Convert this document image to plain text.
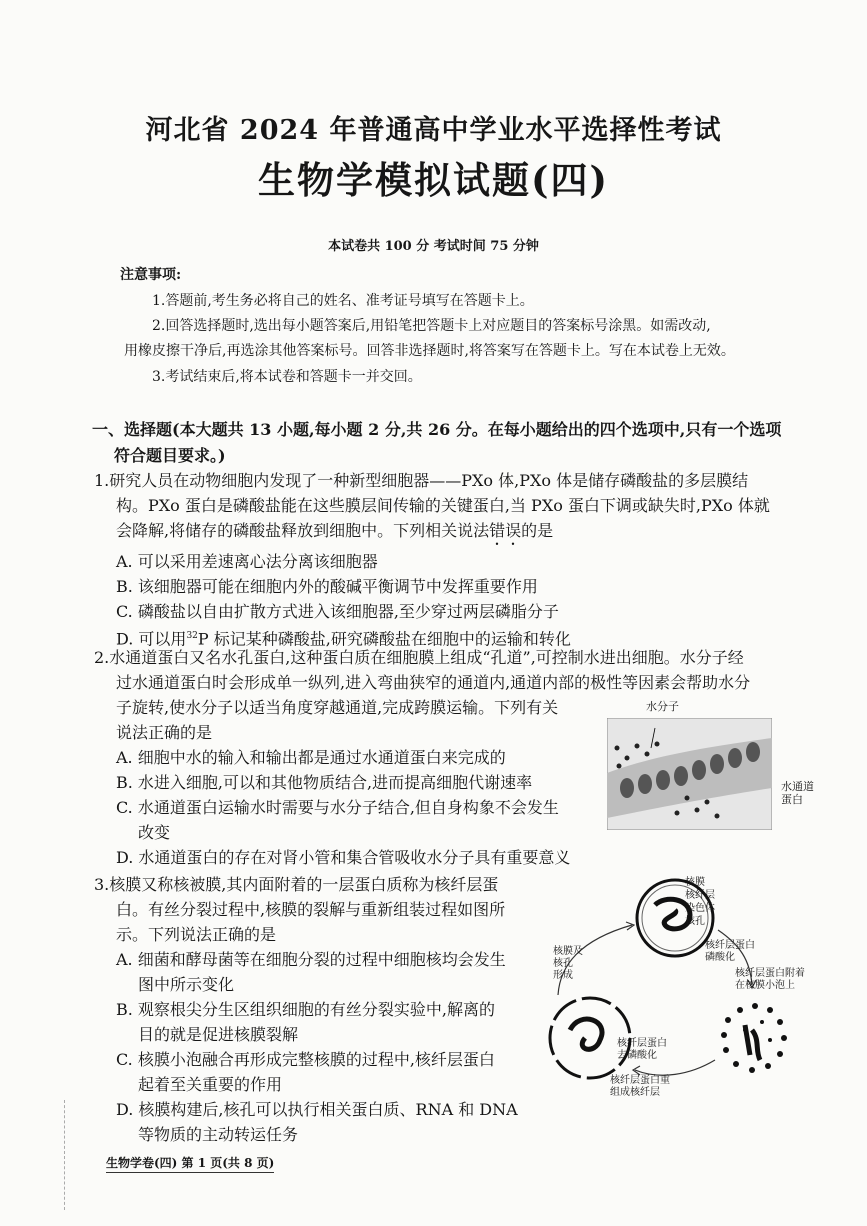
河北省 2024 年普通高中学业水平选择性考试
生物学模拟试题(四)
本试卷共 100 分 考试时间 75 分钟
注意事项:
1.答题前,考生务必将自己的姓名、准考证号填写在答题卡上。
2.回答选择题时,选出每小题答案后,用铅笔把答题卡上对应题目的答案标号涂黑。如需改动,
用橡皮擦干净后,再选涂其他答案标号。回答非选择题时,将答案写在答题卡上。写在本试卷上无效。
3.考试结束后,将本试卷和答题卡一并交回。
一、选择题(本大题共 13 小题,每小题 2 分,共 26 分。在每小题给出的四个选项中,只有一个选项
符合题目要求。)
1.研究人员在动物细胞内发现了一种新型细胞器——PXo 体,PXo 体是储存磷酸盐的多层膜结
构。PXo 蛋白是磷酸盐能在这些膜层间传输的关键蛋白,当 PXo 蛋白下调或缺失时,PXo 体就
会降解,将储存的磷酸盐释放到细胞中。下列相关说法错误的是
A. 可以采用差速离心法分离该细胞器
B. 该细胞器可能在细胞内外的酸碱平衡调节中发挥重要作用
C. 磷酸盐以自由扩散方式进入该细胞器,至少穿过两层磷脂分子
D. 可以用$^{32}$P 标记某种磷酸盐,研究磷酸盐在细胞中的运输和转化
2.水通道蛋白又名水孔蛋白,这种蛋白质在细胞膜上组成“孔道”,可控制水进出细胞。水分子经
过水通道蛋白时会形成单一纵列,进入弯曲狭窄的通道内,通道内部的极性等因素会帮助水分
子旋转,使水分子以适当角度穿越通道,完成跨膜运输。下列有关
说法正确的是
A. 细胞中水的输入和输出都是通过水通道蛋白来完成的
B. 水进入细胞,可以和其他物质结合,进而提高细胞代谢速率
C. 水通道蛋白运输水时需要与水分子结合,但自身构象不会发生
改变
D. 水通道蛋白的存在对肾小管和集合管吸收水分子具有重要意义
水分子
水通道
蛋白
3.核膜又称核被膜,其内面附着的一层蛋白质称为核纤层蛋
白。有丝分裂过程中,核膜的裂解与重新组装过程如图所
示。下列说法正确的是
A. 细菌和酵母菌等在细胞分裂的过程中细胞核均会发生
图中所示变化
B. 观察根尖分生区组织细胞的有丝分裂实验中,解离的
目的就是促进核膜裂解
C. 核膜小泡融合再形成完整核膜的过程中,核纤层蛋白
起着至关重要的作用
D. 核膜构建后,核孔可以执行相关蛋白质、RNA 和 DNA
等物质的主动转运任务
核膜
核纤层
染色体
核孔
核纤层蛋白
磷酸化
核纤层蛋白附着
在核膜小泡上
核膜及
核孔
形成
核纤层蛋白
去磷酸化
核纤层蛋白重
组成核纤层
生物学卷(四) 第 1 页(共 8 页)
